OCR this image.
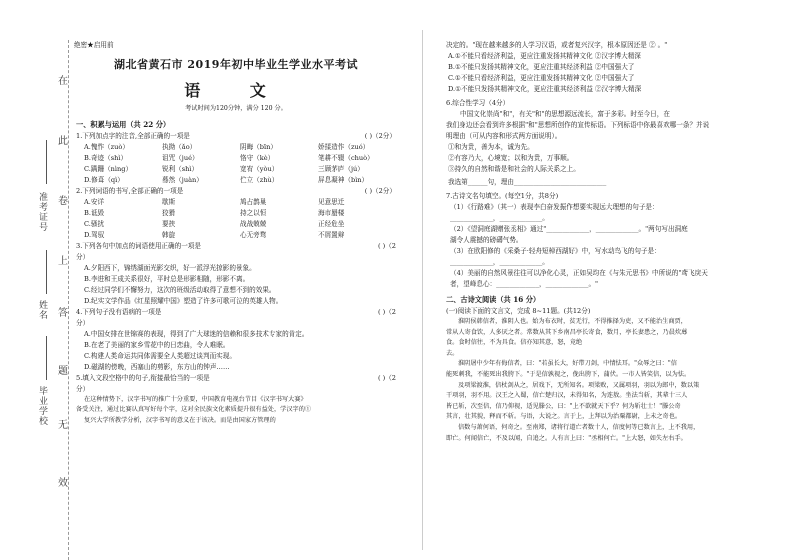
在
此
卷
上
答
题
无
效
准考证号
姓名
毕业学校
绝密★启用前
湖北省黄石市 2019年初中毕业生学业水平考试
语 文
考试时间为120分钟，满分 120 分。
一、积累与运用（共 22 分）
1.下列加点字的注音,全部正确的一项是	( )（2分）
A.愧怍（zuò）	执拗（ǎo）	阴晦（bīn）	娇揉造作（zuó）
B.奇迹（shì）	诅咒（jué）	恪守（kè）	笔耕不辍（chuò）
C.蹒跚（nìng）	锐利（shì）	宽宥（yòu）	三顾茅庐（jú）
D.修葺（qì）	蓦然（juàn）	伫立（zhù）	屏息凝神（bìn）
2.下列词语的书写,全部正确的一项是	( )（2分）
A.安详	歇斯	鸠占鹊巢	见意思迁
B.诋毁	狡猾	持之以恒	海市蜃楼
C.骚扰	要挟	战战兢兢	正经危坐
D.驾驭	韩旋	心无旁骛	不屑置辩
3.下列各句中加点的词语使用正确的一项是	( )（2
分）
A.夕阳西下，锦绣湖面光影交织，好一派浮光掠影的景象。
B.李进和王成关系很好，平时总是形影相随，形影不离。
C.经过同学们不懈努力，这次的班级活动取得了意想不到的效果。
D.纪实文学作品《红星照耀中国》塑造了许多可歌可泣的英雄人物。
4.下列句子没有语病的一项是	( )（2
分）
A.中国女排在世锦赛的表现，得到了广大球迷的信赖和很多技术专家的肯定。
B.在老了美丽的家乡雪花中的日恋曲，令人难眠。
C.构建人类命运共同体需要全人类超过谈判而实现。
D.磁湖的傍晚，西塞山的剪影，东方山的钟声……
5.填入文段空格中的句子,衔接最恰当的一项是	( )（2
分）
在这种情势下，汉字书写的推广十分重要，中国教育电视台节目《汉字书写大赛》
备受关注，通过比赛认真写好每个字，这对全民族文化素质提升很有益处，学汉字的①
复兴大学所教学分析，汉字书写的意义在于该决。而是由国家方管理的
决定的。"现在越来越多的人学习汉语，或者复兴汉字，根本原因还是 ② 。"
A.①不能只看经济利益，更应注重发扬其精神文化 ②汉字博大精深
B.①不能只发扬其精神文化，更应注重其经济利益 ②中国强大了
C.①不能只看经济利益，更应注重发扬其精神文化 ②中国强大了
D.①不能只发扬其精神文化，更应注重其经济利益 ②汉字博大精深
6.综合性学习（4分）
中国文化崇尚"和"，有关"和"的思想源远流长，富于多彩。时至今日，在
我们身边还会看到许多根据"和"思想所创作的宣传标语。下列标语中你最喜欢哪一条？并说
明理由（可从内容和形式两方面说明）。
①和为贵，善为本，诚为先。
②有容乃大，心境宽；以和为贵，万事顺。
③持久的自然和谐是和社会的人际关系之上。
我选第______句，理由____________________________
7.古诗文名句填空。(每空1分，共8分)
（1）《行路难》（其一）表现李白奋发振作想要实现远大理想的句子是：
_____________，_____________。
（2）《望洞庭湖赠张丞相》通过"_____________，_____________。"两句写出洞庭
湖令人震撼的磅礴气势。
（3）在欧阳修的《采桑子·轻舟短棹西湖好》中，写水动鸟飞的句子是：
_____________，_____________。
（4）美丽的自然风景往往可以净化心灵，正如吴均在《与朱元思书》中所说的"鸢飞戾天
者，望峰息心：_____________，_____________。"
二、古诗文阅读（共 16 分）
(一)阅读下面的文言文，完成 8~11题。(共12分)
淮阴侯韩信者，淮阴人也。始为布衣时，贫无行，不得推择为吏，又不能治生商贾，
常从人寄食饮，人多厌之者。常数从其下乡南昌亭长寄食，数月，亭长妻患之，乃晨炊蓐
食。食时信往，不为具食。信亦知其意，怒，竟绝
去。
淮阴屠中少年有侮信者，曰："若虽长大，好带刀剑，中情怯耳。"众辱之曰："信
能死刺我，不能死出我胯下。"于是信孰视之，俛出胯下，蒲伏。一市人皆笑信，以为怯。
及项梁渡淮，信杖剑从之，居戏下，无所知名。项梁败，又属项羽，羽以为郎中，数以策
干项羽，羽不用。汉王之入蜀，信亡楚归汉，未得知名，为连敖。坐法当斩，其辈十三人
皆已斩，次至信，信乃仰视，适见滕公，曰："上不欲就天下乎？何为斩壮士！"滕公奇
其言，壮其貌，释而不斩。与语，大说之。言于上，上拜以为治粟都尉，上未之奇也。
信数与萧何语，何奇之。至南郑，诸将行道亡者数十人，信度何等已数言上，上不我用，
即亡。何闻信亡，不及以闻，自追之。人有言上曰："丞相何亡。"上大怒，如失左右手。
